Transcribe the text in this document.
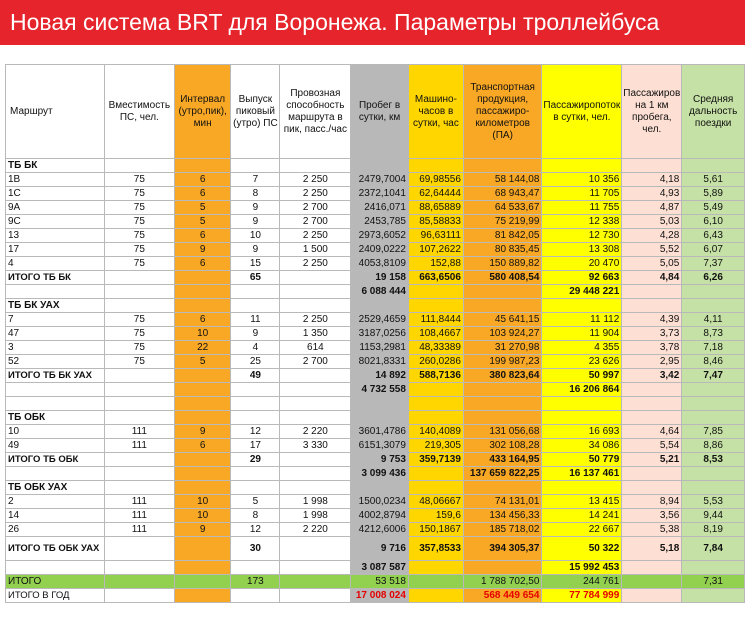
Новая система BRT для Воронежа. Параметры троллейбуса
Маршрут	Вместимость ПС, чел.	Интервал (утро,пик), мин	Выпуск пиковый (утро) ПС	Провозная способность маршрута в пик, пасс./час	Пробег в сутки, км	Машино-часов в сутки, час	Транспортная продукция, пассажиро-километров (ПА)	Пассажиропоток в сутки, чел.	Пассажиров на 1 км пробега, чел.	Средняя дальность поездки
ТБ БК										
1В	75	6	7	2 250	2479,7004	69,98556	58 144,08	10 356	4,18	5,61
1С	75	6	8	2 250	2372,1041	62,64444	68 943,47	11 705	4,93	5,89
9А	75	5	9	2 700	2416,071	88,65889	64 533,67	11 755	4,87	5,49
9С	75	5	9	2 700	2453,785	85,58833	75 219,99	12 338	5,03	6,10
13	75	6	10	2 250	2973,6052	96,63111	81 842,05	12 730	4,28	6,43
17	75	9	9	1 500	2409,0222	107,2622	80 835,45	13 308	5,52	6,07
4	75	6	15	2 250	4053,8109	152,88	150 889,82	20 470	5,05	7,37
ИТОГО ТБ БК			65		19 158	663,6506	580 408,54	92 663	4,84	6,26
					6 088 444			29 448 221		
ТБ БК УАХ										
7	75	6	11	2 250	2529,4659	111,8444	45 641,15	11 112	4,39	4,11
47	75	10	9	1 350	3187,0256	108,4667	103 924,27	11 904	3,73	8,73
3	75	22	4	614	1153,2981	48,33389	31 270,98	4 355	3,78	7,18
52	75	5	25	2 700	8021,8331	260,0286	199 987,23	23 626	2,95	8,46
ИТОГО ТБ БК УАХ			49		14 892	588,7136	380 823,64	50 997	3,42	7,47
					4 732 558			16 206 864		

ТБ ОБК										
10	111	9	12	2 220	3601,4786	140,4089	131 056,68	16 693	4,64	7,85
49	111	6	17	3 330	6151,3079	219,305	302 108,28	34 086	5,54	8,86
ИТОГО ТБ ОБК			29		9 753	359,7139	433 164,95	50 779	5,21	8,53
					3 099 436		137 659 822,25	16 137 461		
ТБ ОБК УАХ										
2	111	10	5	1 998	1500,0234	48,06667	74 131,01	13 415	8,94	5,53
14	111	10	8	1 998	4002,8794	159,6	134 456,33	14 241	3,56	9,44
26	111	9	12	2 220	4212,6006	150,1867	185 718,02	22 667	5,38	8,19
ИТОГО ТБ ОБК УАХ			30		9 716	357,8533	394 305,37	50 322	5,18	7,84
					3 087 587			15 992 453		
ИТОГО			173		53 518		1 788 702,50	244 761		7,31
ИТОГО В ГОД					17 008 024		568 449 654	77 784 999		
